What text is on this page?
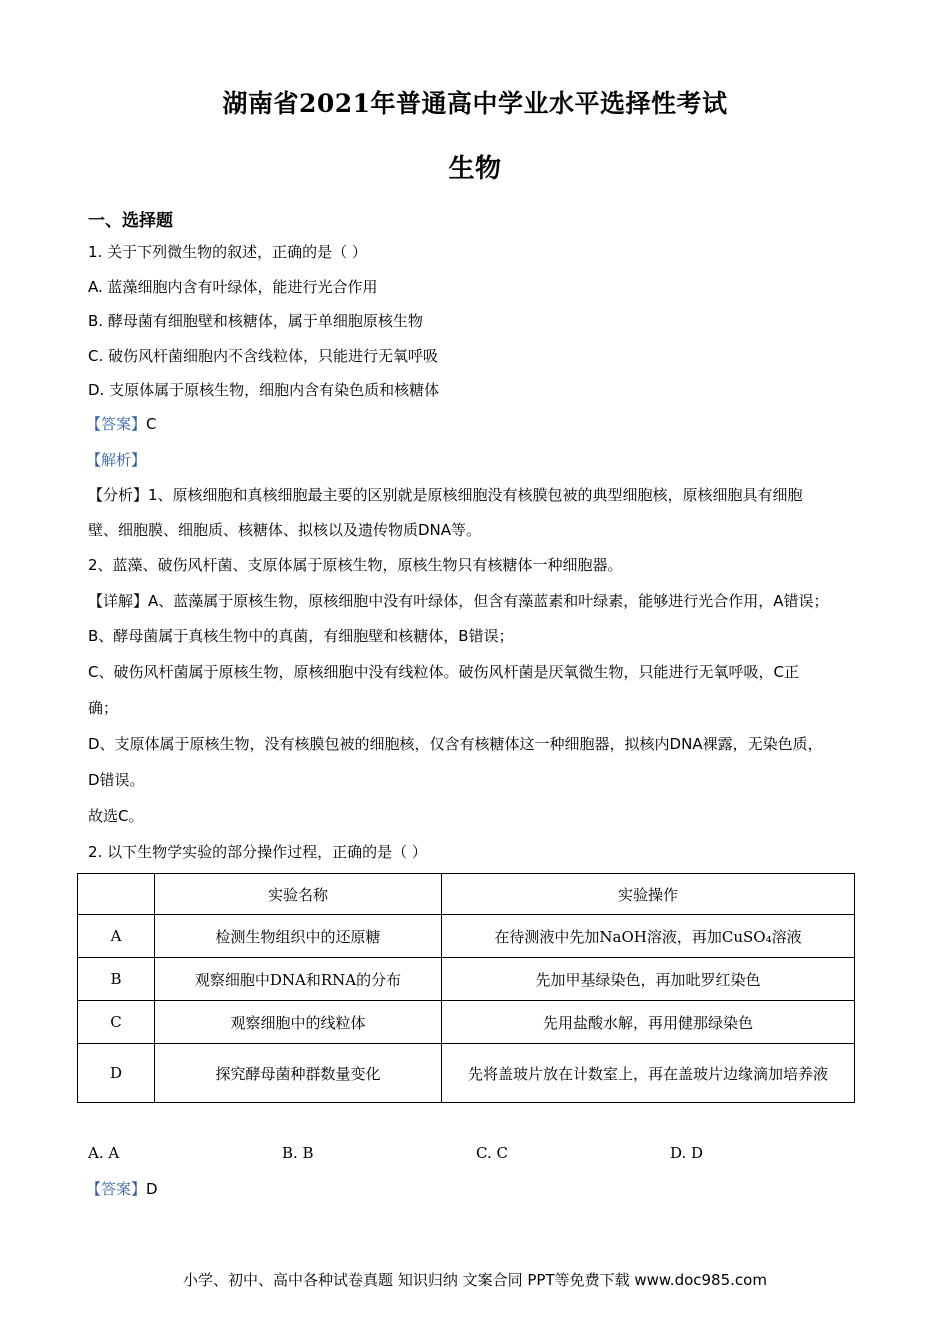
湖南省2021年普通高中学业水平选择性考试
生物
一、选择题
1. 关于下列微生物的叙述，正确的是（ ）
A. 蓝藻细胞内含有叶绿体，能进行光合作用
B. 酵母菌有细胞壁和核糖体，属于单细胞原核生物
C. 破伤风杆菌细胞内不含线粒体，只能进行无氧呼吸
D. 支原体属于原核生物，细胞内含有染色质和核糖体
【答案】C
【解析】
【分析】1、原核细胞和真核细胞最主要的区别就是原核细胞没有核膜包被的典型细胞核，原核细胞具有细胞
壁、细胞膜、细胞质、核糖体、拟核以及遗传物质DNA等。
2、蓝藻、破伤风杆菌、支原体属于原核生物，原核生物只有核糖体一种细胞器。
【详解】A、蓝藻属于原核生物，原核细胞中没有叶绿体，但含有藻蓝素和叶绿素，能够进行光合作用，A错误；
B、酵母菌属于真核生物中的真菌，有细胞壁和核糖体，B错误；
C、破伤风杆菌属于原核生物，原核细胞中没有线粒体。破伤风杆菌是厌氧微生物，只能进行无氧呼吸，C正
确；
D、支原体属于原核生物，没有核膜包被的细胞核，仅含有核糖体这一种细胞器，拟核内DNA裸露，无染色质，
D错误。
故选C。
2. 以下生物学实验的部分操作过程，正确的是（ ）
	实验名称	实验操作
A	检测生物组织中的还原糖	在待测液中先加NaOH溶液，再加CuSO₄溶液
B	观察细胞中DNA和RNA的分布	先加甲基绿染色，再加吡罗红染色
C	观察细胞中的线粒体	先用盐酸水解，再用健那绿染色
D	探究酵母菌种群数量变化	先将盖玻片放在计数室上，再在盖玻片边缘滴加培养液
A. A	B. B	C. C	D. D
【答案】D
小学、初中、高中各种试卷真题 知识归纳 文案合同 PPT等免费下载 www.doc985.com
